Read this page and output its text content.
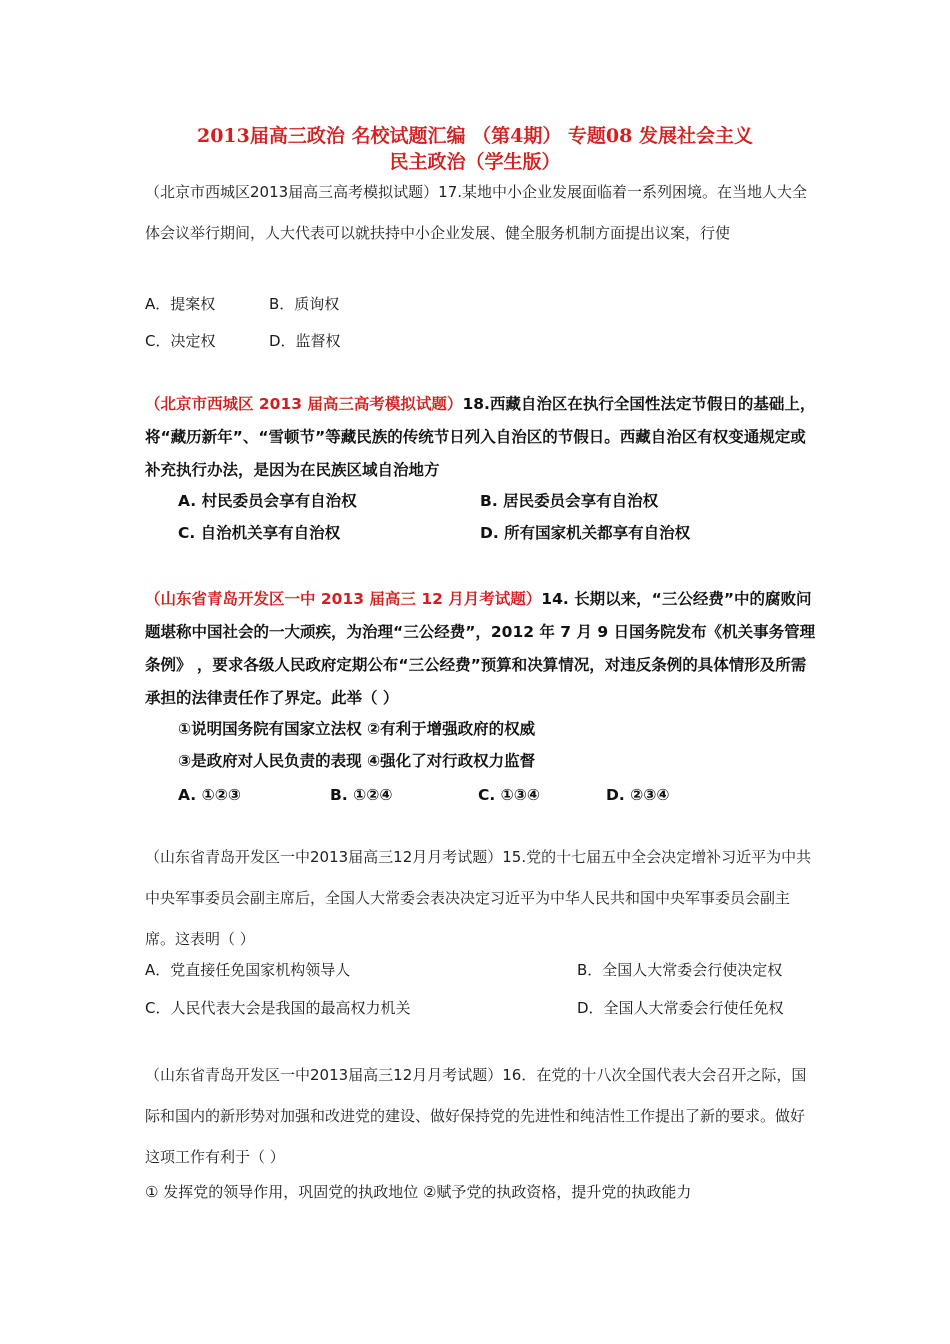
2013届高三政治 名校试题汇编 （第4期） 专题08 发展社会主义
民主政治（学生版）
（北京市西城区2013届高三高考模拟试题）17.某地中小企业发展面临着一系列困境。在当地人大全体会议举行期间，人大代表可以就扶持中小企业发展、健全服务机制方面提出议案，行使
A．提案权	B．质询权
C．决定权	D．监督权
（北京市西城区 2013 届高三高考模拟试题）18.西藏自治区在执行全国性法定节假日的基础上，将“藏历新年”、“雪顿节”等藏民族的传统节日列入自治区的节假日。西藏自治区有权变通规定或补充执行办法，是因为在民族区域自治地方
A. 村民委员会享有自治权	B. 居民委员会享有自治权
C. 自治机关享有自治权	D. 所有国家机关都享有自治权
（山东省青岛开发区一中 2013 届高三 12 月月考试题）14. 长期以来，“三公经费”中的腐败问题堪称中国社会的一大顽疾，为治理“三公经费”，2012 年 7 月 9 日国务院发布《机关事务管理条例》 ，要求各级人民政府定期公布“三公经费”预算和决算情况，对违反条例的具体情形及所需承担的法律责任作了界定。此举（ ）
①说明国务院有国家立法权 ②有利于增强政府的权威
③是政府对人民负责的表现 ④强化了对行政权力监督
A. ①②③	B. ①②④	C. ①③④	D. ②③④
（山东省青岛开发区一中2013届高三12月月考试题）15.党的十七届五中全会决定增补习近平为中共中央军事委员会副主席后，全国人大常委会表决决定习近平为中华人民共和国中央军事委员会副主席。这表明（ ）
A．党直接任免国家机构领导人	B．全国人大常委会行使决定权
C．人民代表大会是我国的最高权力机关	D．全国人大常委会行使任免权
（山东省青岛开发区一中2013届高三12月月考试题）16．在党的十八次全国代表大会召开之际，国际和国内的新形势对加强和改进党的建设、做好保持党的先进性和纯洁性工作提出了新的要求。做好这项工作有利于（ ）
① 发挥党的领导作用，巩固党的执政地位 ②赋予党的执政资格，提升党的执政能力
